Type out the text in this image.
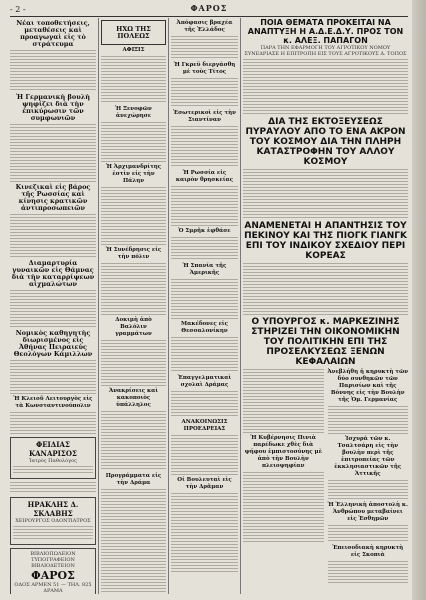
- 2 -	ΦΑΡΟΣ
Νέαι τοποθετήσεις, μεταθέσεις καὶ προαγωγαὶ εἰς τὸ στράτευμα
Ἡ Γερμανικὴ βουλὴ ψηφίζει διὰ τὴν ἐπικύρωσιν τῶν συμφωνιῶν
Κινεζικαὶ εἰς βάρος τῆς Ρωσσίας καὶ κίνησις κρατικῶν ἀντιπροσωπειῶν
Διαμαρτυρία γυναικῶν εἰς Θάμνας διὰ τὴν καταρρίψεων αἰχμαλώτων
Νομικὸς καθηγητὴς διωρισμένος εἰς Ἀθήνας Πειραιεὺς Θεολόγων Κάμιλλων
Ἡ Κλειοῦ Λειτουργὸς εἰς τὰ Κωνσταντινούπολιν
ΦΕΙΔΙΑΣ ΚΑΝΑΡΙΣΟΣ
Ἰατρὸς Παθολόγος
ΗΡΑΚΛΗΣ Δ. ΣΚΛΑΒΗΣ
ΧΕΙΡΟΥΡΓΟΣ ΟΔΟΝΤΙΑΤΡΟΣ
ΒΙΒΛΙΟΠΩΛΕΙΟΝ ΤΥΠΟΓΡΑΦΕΙΟΝ ΒΙΒΛΙΟΔΕΤΕΙΟΝ
ΦΑΡΟΣ
ΟΔΟΣ ΑΡΜΕΝ 51 — ΤΗΛ. 825
ΔΡΑΜΑ
ΗΧΩ ΤΗΣ ΠΟΛΕΩΣ
ΑΦΙΞΙΣ
Ἡ Ξενοφῶν ἀνεχώρησε
Ἡ Ἀρχιμανδρίτης ἐστὶν εἰς τὴν Πάλην
Ἡ Συνέδρησις εἰς τὴν πόλιν
Δοκιμὴ ἀπὸ Βαλόλιν γραμμάτων
Ἀνακρίσεις καὶ κακοποιὸς ὑπάλληλος
Προγράμματα εἰς τὴν Δράμα
Ἀπόφασις βραχέα τῆς Ἑλλάδος
Ἡ Γκρεϋ διεργάσθη μὲ τοὺς Τίτος
Ἐσωτερικοὶ εἰς τὴν Σιαντίναν
Ἡ Ρωσσία εἰς καιρὸν θρησκείας
Ὁ Σμρῆκ ἐφθάσε
Ἡ Σπανία τῆς Ἀμερικῆς
Μακέδονες εἰς Θεσσαλονίκην
Ἐπαγγελματικαὶ σχολαὶ Δράμας
ΑΝΑΚΟΙΝΩΣΙΣ ΠΡΟΕΔΡΕΙΑΣ
Οἱ Βουλευταὶ εἰς τὴν Δρᾶμαν
ΠΟΙΑ ΘΕΜΑΤΑ ΠΡΟΚΕΙΤΑΙ ΝΑ ΑΝΑΠΤΥΞΗ Η Α.Δ.Ε.Δ.Υ. ΠΡΟΣ ΤΟΝ κ. ΑΛΕΞ. ΠΑΠΑΓΟΝ
ΠΑΡΑ ΤΗΝ ΕΦΑΡΜΟΓΗ ΤΟΥ ΑΓΡΟΤΙΚΟΥ ΝΟΜΟΥ ΣΥΝΕΔΡΙΑΣΕ Η ΕΠΙΤΡΟΠΗ ΕΙΣ ΤΟΥΣ ΑΓΡΟΤΙΚΟΥΣ Δ. ΤΟΠΟΣ
ΔΙΑ ΤΗΣ ΕΚΤΟΞΕΥΣΕΩΣ ΠΥΡΑΥΛΟΥ ΑΠΟ ΤΟ ΕΝΑ ΑΚΡΟΝ ΤΟΥ ΚΟΣΜΟΥ ΔΙΑ ΤΗΝ ΠΛΗΡΗ ΚΑΤΑΣΤΡΟΦΗΝ ΤΟΥ ΑΛΛΟΥ ΚΟΣΜΟΥ
ΑΝΑΜΕΝΕΤΑΙ Η ΑΠΑΝΤΗΣΙΣ ΤΟΥ ΠΕΚΙΝΟΥ ΚΑΙ ΤΗΣ ΠΙΟΓΚ ΓΙΑΝΓΚ ΕΠΙ ΤΟΥ ΙΝΔΙΚΟΥ ΣΧΕΔΙΟΥ ΠΕΡΙ ΚΟΡΕΑΣ
Ο ΥΠΟΥΡΓΟΣ κ. ΜΑΡΚΕΖΙΝΗΣ ΣΤΗΡΙΖΕΙ ΤΗΝ ΟΙΚΟΝΟΜΙΚΗΝ ΤΟΥ ΠΟΛΙΤΙΚΗΝ ΕΠΙ ΤΗΣ ΠΡΟΣΕΛΚΥΣΕΩΣ ΞΕΝΩΝ ΚΕΦΑΛΑΙΩΝ
Ἡ Κυβέρνησις Πινιὰ παρέδωκε χθὲς διὰ ψήφου ἐμπιστοσύνης μὲ ἀπὸ τὴν Βουλὴν πλειοψηφίαν
Ἀνεβλήθη ἡ κηρυκτὴ τῶν δύο συνθηκῶν τῶν Παρισίων καὶ τῆς Βόννης εἰς τὴν Βουλὴν τῆς Ὁμ. Γερμανίας
Ἰσχυρὰ τῶν κ. Τσαλτσάρη εἰς τὴν βουλὴν περὶ τῆς ἐπιτροπείας τῶν ἐκκλησιαστικῶν τῆς Ἀττικῆς
Ἡ Ἐλληνικὴ ἀποστολὴ κ. Ἀνθρώπου μεταβαίνει εἰς Ἐσθημῶν
Ἐπεισοδιακὴ κηρυκτὴ εἰς Σκοπιὰ
